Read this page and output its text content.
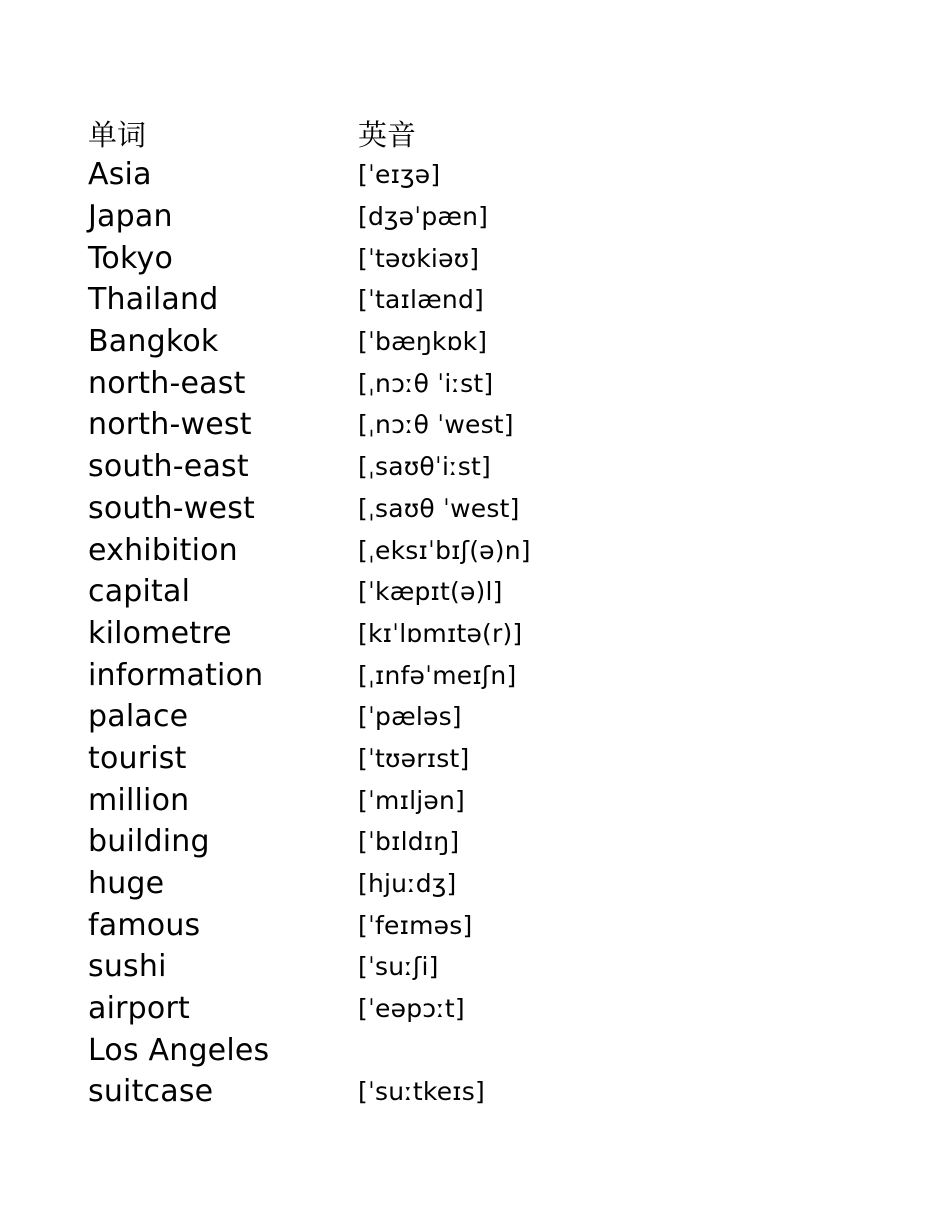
单词	英音
Asia	[ˈeɪʒə]
Japan	[dʒəˈpæn]
Tokyo	[ˈtəʊkiəʊ]
Thailand	[ˈtaɪlænd]
Bangkok	[ˈbæŋkɒk]
north-east	[ˌnɔːθ ˈiːst]
north-west	[ˌnɔːθ ˈwest]
south-east	[ˌsaʊθˈiːst]
south-west	[ˌsaʊθ ˈwest]
exhibition	[ˌeksɪˈbɪʃ(ə)n]
capital	[ˈkæpɪt(ə)l]
kilometre	[kɪˈlɒmɪtə(r)]
information	[ˌɪnfəˈmeɪʃn]
palace	[ˈpæləs]
tourist	[ˈtʊərɪst]
million	[ˈmɪljən]
building	[ˈbɪldɪŋ]
huge	[hjuːdʒ]
famous	[ˈfeɪməs]
sushi	[ˈsuːʃi]
airport	[ˈeəpɔːt]
Los Angeles
suitcase	[ˈsuːtkeɪs]
